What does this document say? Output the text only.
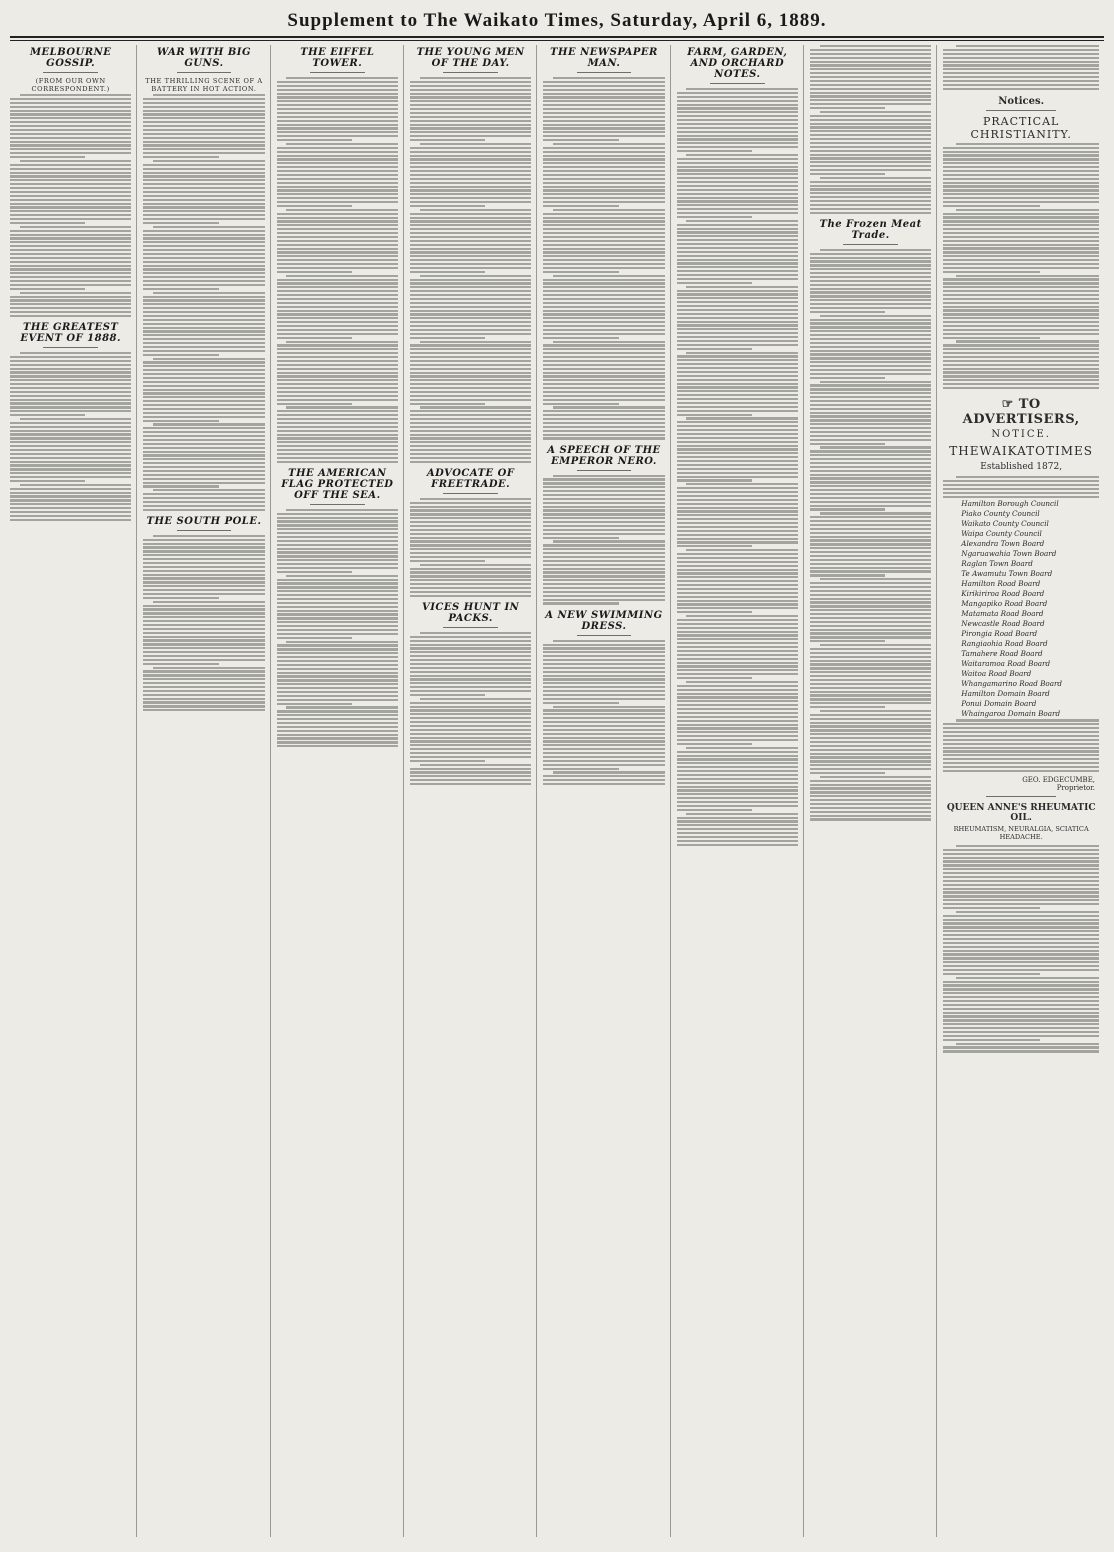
Supplement to The Waikato Times, Saturday, April 6, 1889.
MELBOURNE GOSSIP.
(FROM OUR OWN CORRESPONDENT.)
THE GREATEST EVENT OF 1888.
WAR WITH BIG GUNS.
THE THRILLING SCENE OF A BATTERY IN HOT ACTION.
THE SOUTH POLE.
THE EIFFEL TOWER.
THE AMERICAN FLAG PROTECTED OFF THE SEA.
THE YOUNG MEN OF THE DAY.
ADVOCATE OF FREETRADE.
VICES HUNT IN PACKS.
THE NEWSPAPER MAN.
A SPEECH OF THE EMPEROR NERO.
A NEW SWIMMING DRESS.
FARM, GARDEN, AND ORCHARD NOTES.
The Frozen Meat Trade.
Notices.
PRACTICAL CHRISTIANITY.
☞ TO ADVERTISERS,
NOTICE.
THE WAIKATO TIMES
Established 1872,
Hamilton Borough Council
Piako County Council
Waikato County Council
Waipa County Council
Alexandra Town Board
Ngaruawahia Town Board
Raglan Town Board
Te Awamutu Town Board
Hamilton Road Board
Kirikiriroa Road Board
Mangapiko Road Board
Matamata Road Board
Newcastle Road Board
Pirongia Road Board
Rangiaohia Road Board
Tamahere Road Board
Waitaramoa Road Board
Waitoa Road Board
Whangamarino Road Board
Hamilton Domain Board
Ponui Domain Board
Whaingaroa Domain Board
GEO. EDGECUMBE,
Proprietor.
QUEEN ANNE'S RHEUMATIC OIL.
RHEUMATISM, NEURALGIA, SCIATICA HEADACHE.
